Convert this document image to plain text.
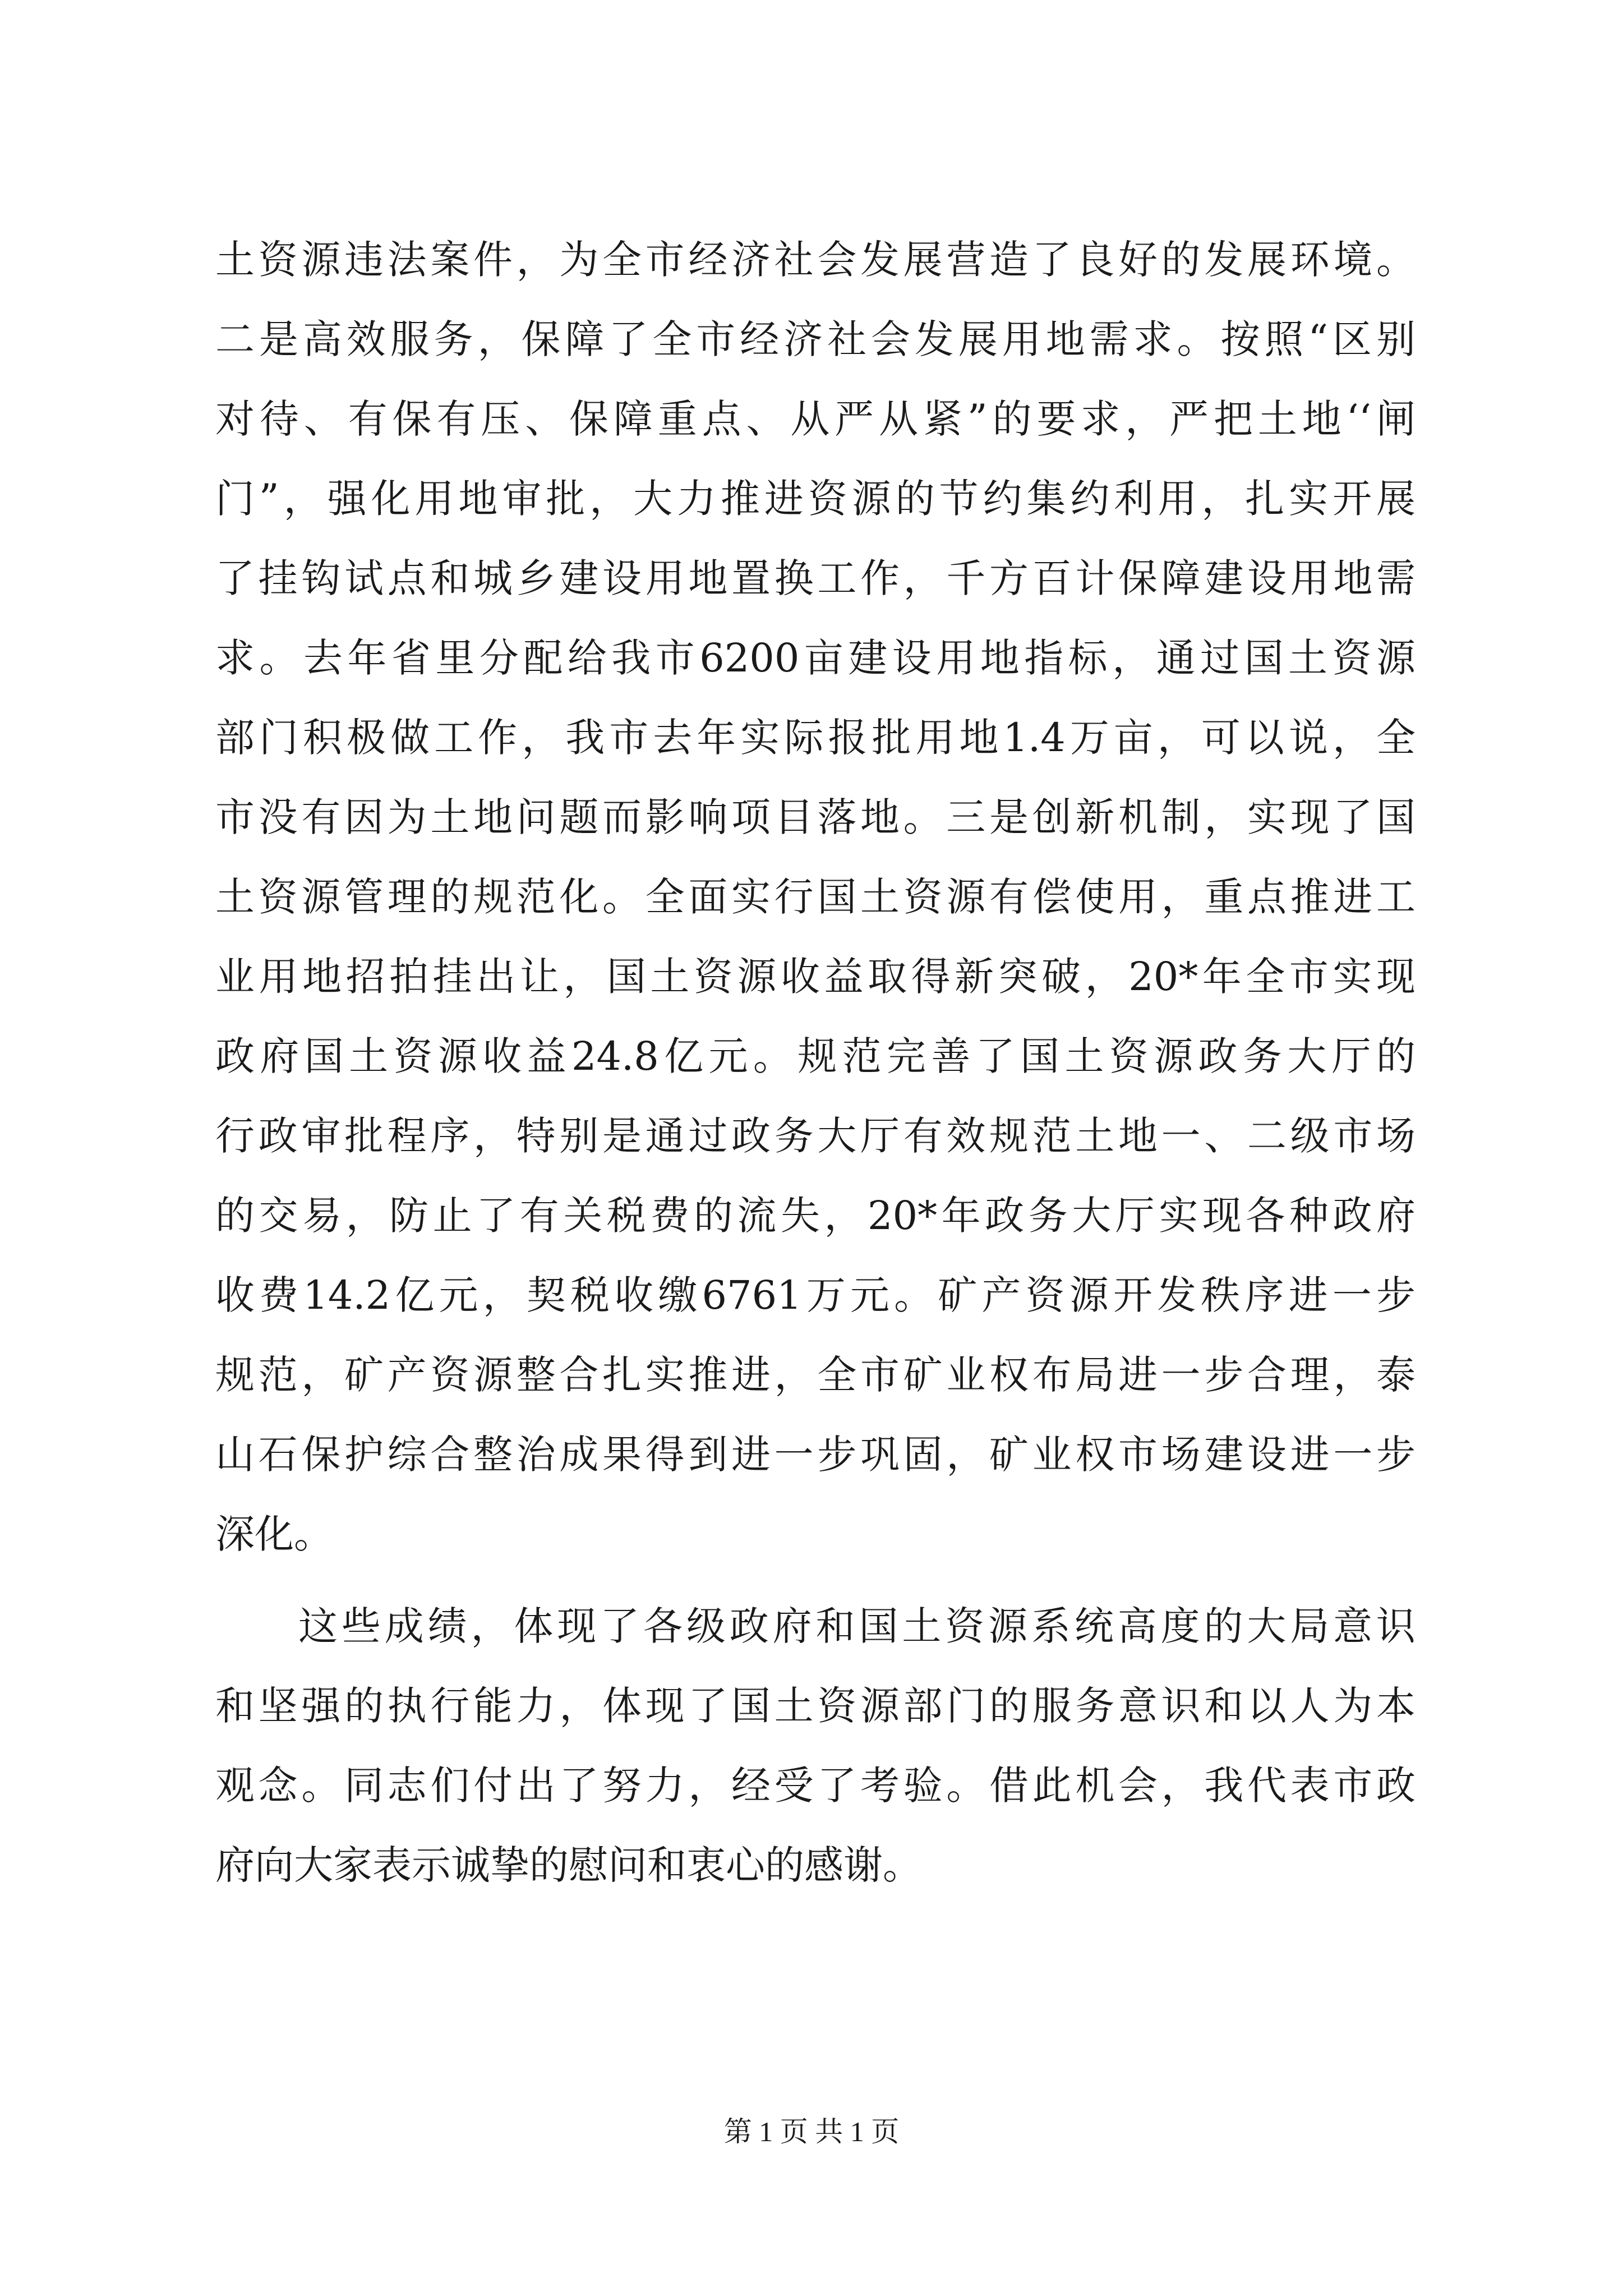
土资源违法案件，为全市经济社会发展营造了良好的发展环境。
二是高效服务，保障了全市经济社会发展用地需求。按照“区别
对待、有保有压、保障重点、从严从紧”的要求，严把土地‘‘闸
门”，强化用地审批，大力推进资源的节约集约利用，扎实开展
了挂钩试点和城乡建设用地置换工作，千方百计保障建设用地需
求。去年省里分配给我市6200亩建设用地指标，通过国土资源
部门积极做工作，我市去年实际报批用地1.4万亩，可以说，全
市没有因为土地问题而影响项目落地。三是创新机制，实现了国
土资源管理的规范化。全面实行国土资源有偿使用，重点推进工
业用地招拍挂出让，国土资源收益取得新突破，20*年全市实现
政府国土资源收益24.8亿元。规范完善了国土资源政务大厅的
行政审批程序，特别是通过政务大厅有效规范土地一、二级市场
的交易，防止了有关税费的流失，20*年政务大厅实现各种政府
收费14.2亿元，契税收缴6761万元。矿产资源开发秩序进一步
规范，矿产资源整合扎实推进，全市矿业权布局进一步合理，泰
山石保护综合整治成果得到进一步巩固，矿业权市场建设进一步
深化。
这些成绩，体现了各级政府和国土资源系统高度的大局意识
和坚强的执行能力，体现了国土资源部门的服务意识和以人为本
观念。同志们付出了努力，经受了考验。借此机会，我代表市政
府向大家表示诚挚的慰问和衷心的感谢。
第 1 页 共 1 页
